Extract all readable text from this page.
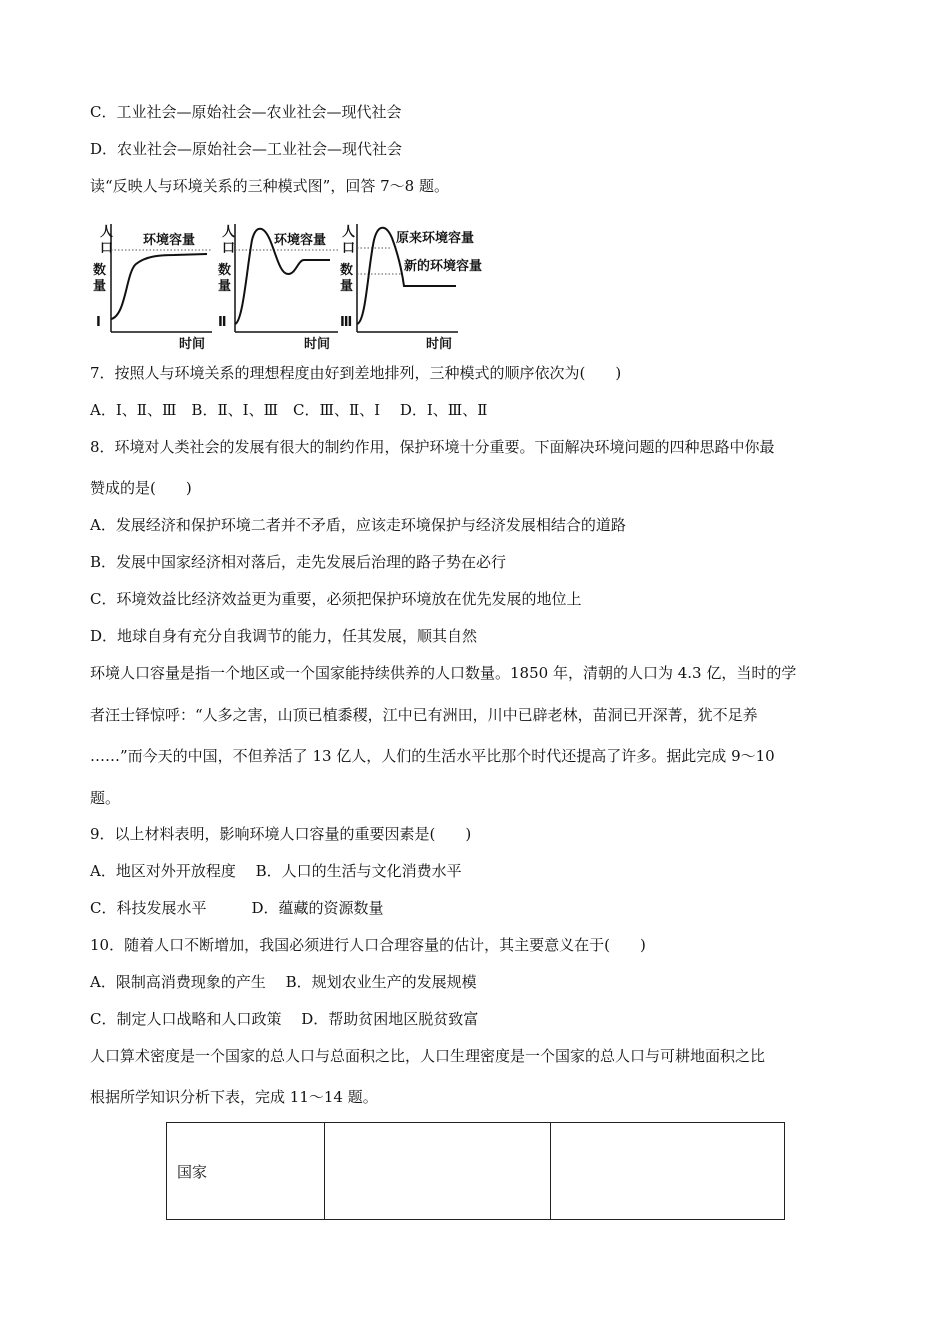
C．工业社会—原始社会—农业社会—现代社会
D．农业社会—原始社会—工业社会—现代社会
读“反映人与环境关系的三种模式图”，回答 7～8 题。
人
口
数
量
Ⅰ
环境容量
时间
人
口
数
量
Ⅱ
环境容量
时间
人
口
数
量
Ⅲ
原来环境容量
新的环境容量
时间
7．按照人与环境关系的理想程度由好到差地排列，三种模式的顺序依次为(　　)
A．Ⅰ、Ⅱ、Ⅲ　B．Ⅱ、Ⅰ、Ⅲ　C．Ⅲ、Ⅱ、Ⅰ　 D．Ⅰ、Ⅲ、Ⅱ
8．环境对人类社会的发展有很大的制约作用，保护环境十分重要。下面解决环境问题的四种思路中你最
赞成的是(　　)
A．发展经济和保护环境二者并不矛盾，应该走环境保护与经济发展相结合的道路
B．发展中国家经济相对落后，走先发展后治理的路子势在必行
C．环境效益比经济效益更为重要，必须把保护环境放在优先发展的地位上
D．地球自身有充分自我调节的能力，任其发展，顺其自然
环境人口容量是指一个地区或一个国家能持续供养的人口数量。1850 年，清朝的人口为 4.3 亿，当时的学
者汪士铎惊呼：“人多之害，山顶已植黍稷，江中已有洲田，川中已辟老林，苗洞已开深菁，犹不足养
……”而今天的中国，不但养活了 13 亿人，人们的生活水平比那个时代还提高了许多。据此完成 9～10
题。
9．以上材料表明，影响环境人口容量的重要因素是(　　)
A．地区对外开放程度　 B．人口的生活与文化消费水平
C．科技发展水平　　　D．蕴藏的资源数量
10．随着人口不断增加，我国必须进行人口合理容量的估计，其主要意义在于(　　)
A．限制高消费现象的产生　 B．规划农业生产的发展规模
C．制定人口战略和人口政策　 D．帮助贫困地区脱贫致富
人口算术密度是一个国家的总人口与总面积之比，人口生理密度是一个国家的总人口与可耕地面积之比
根据所学知识分析下表，完成 11～14 题。
国家		
